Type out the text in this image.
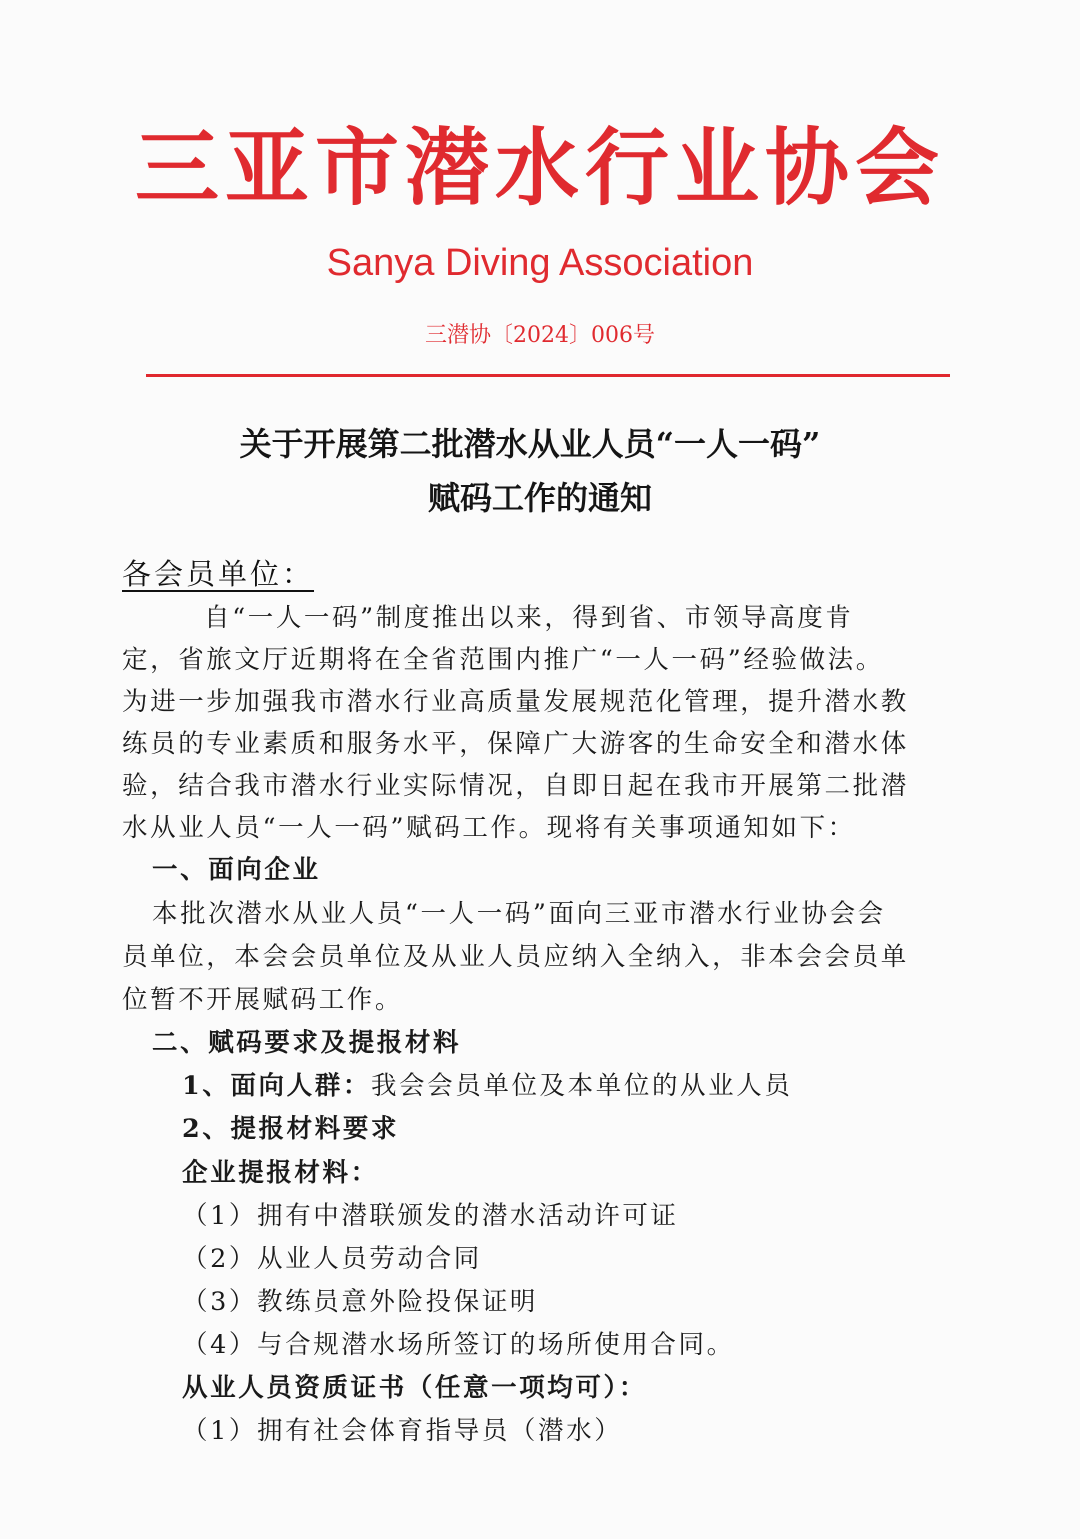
三亚市潜水行业协会
Sanya Diving Association
三潜协〔2024〕006号
关于开展第二批潜水从业人员“一人一码”
赋码工作的通知
各会员单位：
自“一人一码”制度推出以来，得到省、市领导高度肯
定，省旅文厅近期将在全省范围内推广“一人一码”经验做法。
为进一步加强我市潜水行业高质量发展规范化管理，提升潜水教
练员的专业素质和服务水平，保障广大游客的生命安全和潜水体
验，结合我市潜水行业实际情况，自即日起在我市开展第二批潜
水从业人员“一人一码”赋码工作。现将有关事项通知如下：
一、面向企业
本批次潜水从业人员“一人一码”面向三亚市潜水行业协会会
员单位，本会会员单位及从业人员应纳入全纳入，非本会会员单
位暂不开展赋码工作。
二、赋码要求及提报材料
1、面向人群：我会会员单位及本单位的从业人员
2、提报材料要求
企业提报材料：
（1）拥有中潜联颁发的潜水活动许可证
（2）从业人员劳动合同
（3）教练员意外险投保证明
（4）与合规潜水场所签订的场所使用合同。
从业人员资质证书（任意一项均可）：
（1）拥有社会体育指导员（潜水）
